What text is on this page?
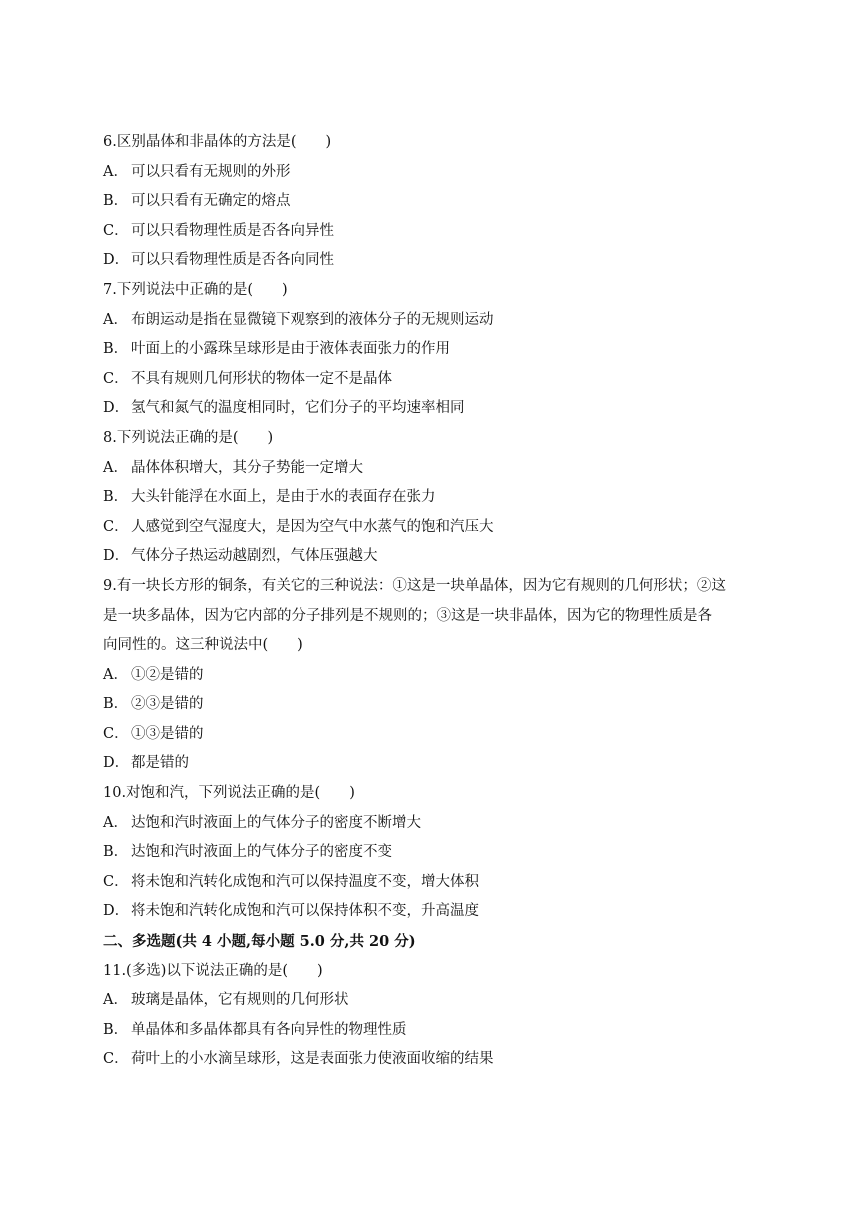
6.区别晶体和非晶体的方法是(　　)
A． 可以只看有无规则的外形
B． 可以只看有无确定的熔点
C． 可以只看物理性质是否各向异性
D． 可以只看物理性质是否各向同性
7.下列说法中正确的是(　　)
A． 布朗运动是指在显微镜下观察到的液体分子的无规则运动
B． 叶面上的小露珠呈球形是由于液体表面张力的作用
C． 不具有规则几何形状的物体一定不是晶体
D． 氢气和氮气的温度相同时，它们分子的平均速率相同
8.下列说法正确的是(　　)
A． 晶体体积增大，其分子势能一定增大
B． 大头针能浮在水面上，是由于水的表面存在张力
C． 人感觉到空气湿度大，是因为空气中水蒸气的饱和汽压大
D． 气体分子热运动越剧烈，气体压强越大
9.有一块长方形的铜条，有关它的三种说法：①这是一块单晶体，因为它有规则的几何形状；②这
是一块多晶体，因为它内部的分子排列是不规则的；③这是一块非晶体，因为它的物理性质是各
向同性的。这三种说法中(　　)
A． ①②是错的
B． ②③是错的
C． ①③是错的
D． 都是错的
10.对饱和汽，下列说法正确的是(　　)
A． 达饱和汽时液面上的气体分子的密度不断增大
B． 达饱和汽时液面上的气体分子的密度不变
C． 将未饱和汽转化成饱和汽可以保持温度不变，增大体积
D． 将未饱和汽转化成饱和汽可以保持体积不变，升高温度
二、多选题(共 4 小题,每小题 5.0 分,共 20 分)
11.(多选)以下说法正确的是(　　)
A． 玻璃是晶体，它有规则的几何形状
B． 单晶体和多晶体都具有各向异性的物理性质
C． 荷叶上的小水滴呈球形，这是表面张力使液面收缩的结果
